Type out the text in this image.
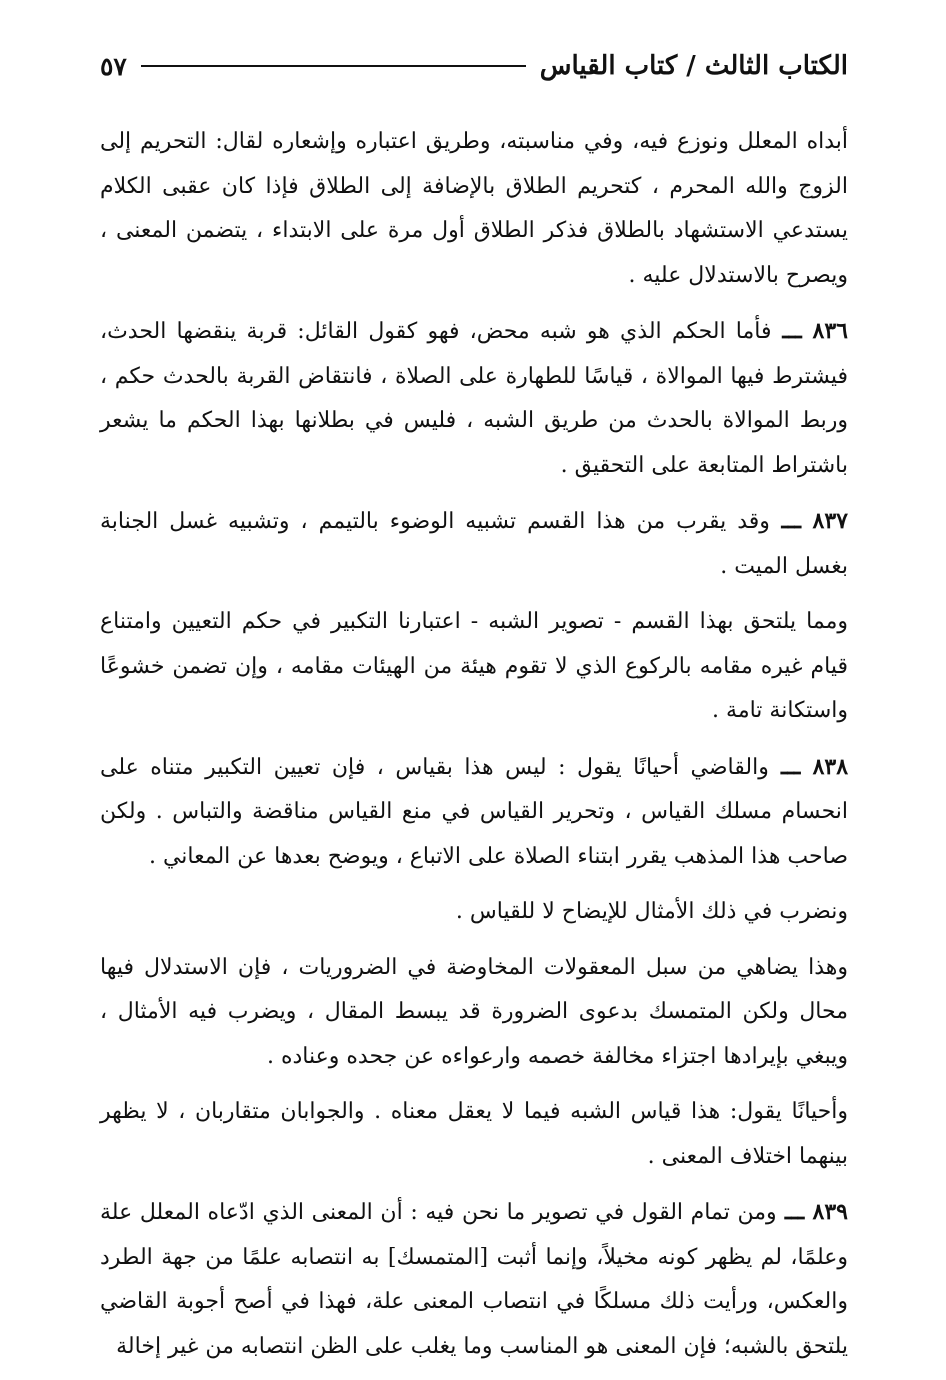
الكتاب الثالث / كتاب القياس
٥٧

أبداه المعلل ونوزع فيه، وفي مناسبته، وطريق اعتباره وإشعاره لقال: التحريم إلى الزوج والله المحرم ، كتحريم الطلاق بالإضافة إلى الطلاق فإذا كان عقبى الكلام يستدعي الاستشهاد بالطلاق فذكر الطلاق أول مرة على الابتداء ، يتضمن المعنى ، ويصرح بالاستدلال عليه .

٨٣٦ ـــ فأما الحكم الذي هو شبه محض، فهو كقول القائل: قربة ينقضها الحدث، فيشترط فيها الموالاة ، قياسًا للطهارة على الصلاة ، فانتقاض القربة بالحدث حكم ، وربط الموالاة بالحدث من طريق الشبه ، فليس في بطلانها بهذا الحكم ما يشعر باشتراط المتابعة على التحقيق .

٨٣٧ ـــ وقد يقرب من هذا القسم تشبيه الوضوء بالتيمم ، وتشبيه غسل الجنابة بغسل الميت .

ومما يلتحق بهذا القسم - تصوير الشبه - اعتبارنا التكبير في حكم التعيين وامتناع قيام غيره مقامه بالركوع الذي لا تقوم هيئة من الهيئات مقامه ، وإن تضمن خشوعًا واستكانة تامة .

٨٣٨ ـــ والقاضي أحيانًا يقول : ليس هذا بقياس ، فإن تعيين التكبير متناه على انحسام مسلك القياس ، وتحرير القياس في منع القياس مناقضة والتباس . ولكن صاحب هذا المذهب يقرر ابتناء الصلاة على الاتباع ، ويوضح بعدها عن المعاني .

ونضرب في ذلك الأمثال للإيضاح لا للقياس .

وهذا يضاهي من سبل المعقولات المخاوضة في الضروريات ، فإن الاستدلال فيها محال ولكن المتمسك بدعوى الضرورة قد يبسط المقال ، ويضرب فيه الأمثال ، ويبغي بإيرادها اجتزاء مخالفة خصمه وارعواءه عن جحده وعناده .

وأحيانًا يقول: هذا قياس الشبه فيما لا يعقل معناه . والجوابان متقاربان ، لا يظهر بينهما اختلاف المعنى .

٨٣٩ ـــ ومن تمام القول في تصوير ما نحن فيه : أن المعنى الذي ادّعاه المعلل علة وعلمًا، لم يظهر كونه مخيلاً، وإنما أثبت [المتمسك] به انتصابه علمًا من جهة الطرد والعكس، ورأيت ذلك مسلكًا في انتصاب المعنى علة، فهذا في أصح أجوبة القاضي يلتحق بالشبه؛ فإن المعنى هو المناسب وما يغلب على الظن انتصابه من غير إخالة
